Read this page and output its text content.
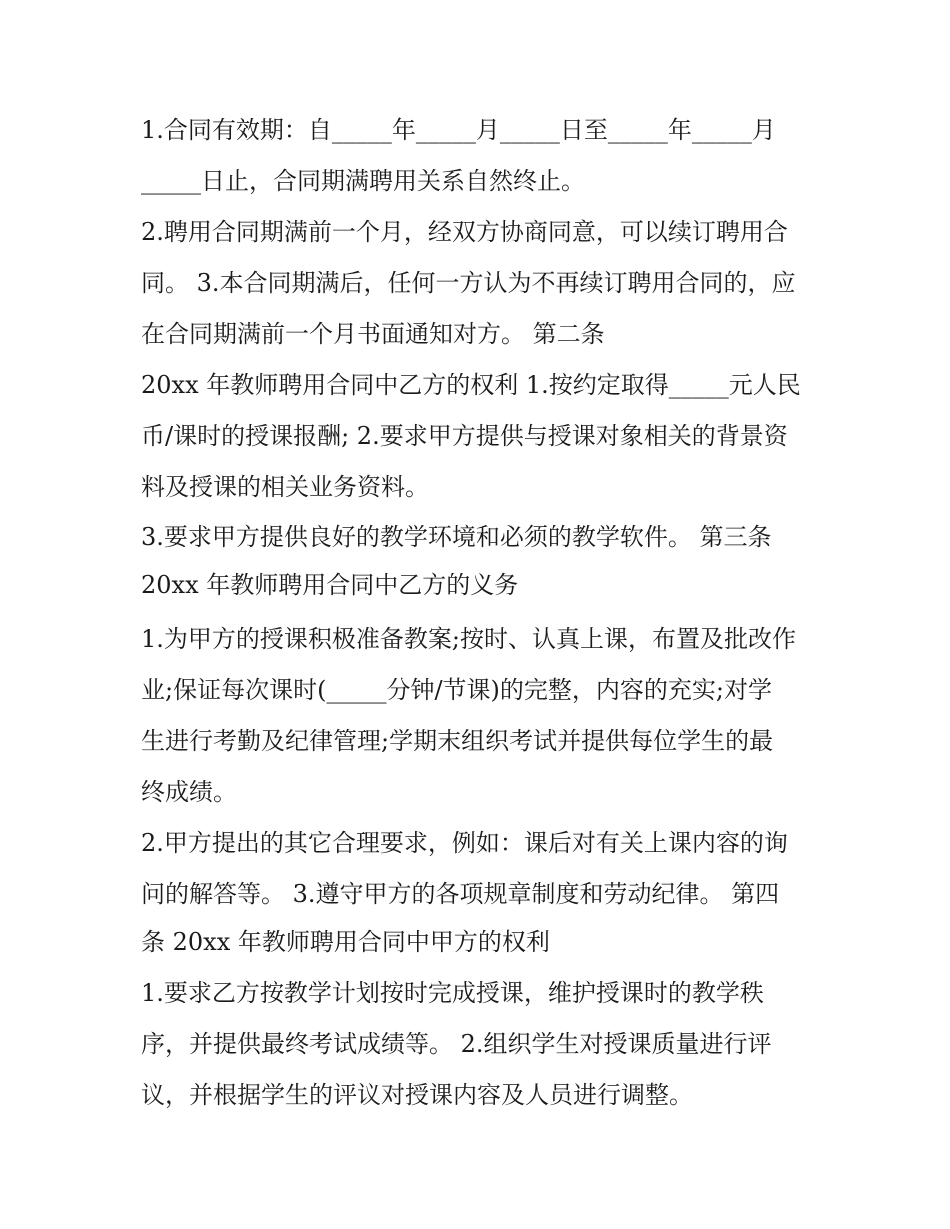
1.合同有效期：自_____年_____月_____日至_____年_____月

_____日止，合同期满聘用关系自然终止。

2.聘用合同期满前一个月，经双方协商同意，可以续订聘用合

同。 3.本合同期满后，任何一方认为不再续订聘用合同的，应

在合同期满前一个月书面通知对方。 第二条

20xx 年教师聘用合同中乙方的权利 1.按约定取得_____元人民

币/课时的授课报酬; 2.要求甲方提供与授课对象相关的背景资

料及授课的相关业务资料。

3.要求甲方提供良好的教学环境和必须的教学软件。 第三条

20xx 年教师聘用合同中乙方的义务

1.为甲方的授课积极准备教案;按时、认真上课，布置及批改作

业;保证每次课时(_____分钟/节课)的完整，内容的充实;对学

生进行考勤及纪律管理;学期末组织考试并提供每位学生的最

终成绩。

2.甲方提出的其它合理要求，例如：课后对有关上课内容的询

问的解答等。 3.遵守甲方的各项规章制度和劳动纪律。 第四

条 20xx 年教师聘用合同中甲方的权利

1.要求乙方按教学计划按时完成授课，维护授课时的教学秩

序，并提供最终考试成绩等。 2.组织学生对授课质量进行评

议，并根据学生的评议对授课内容及人员进行调整。
